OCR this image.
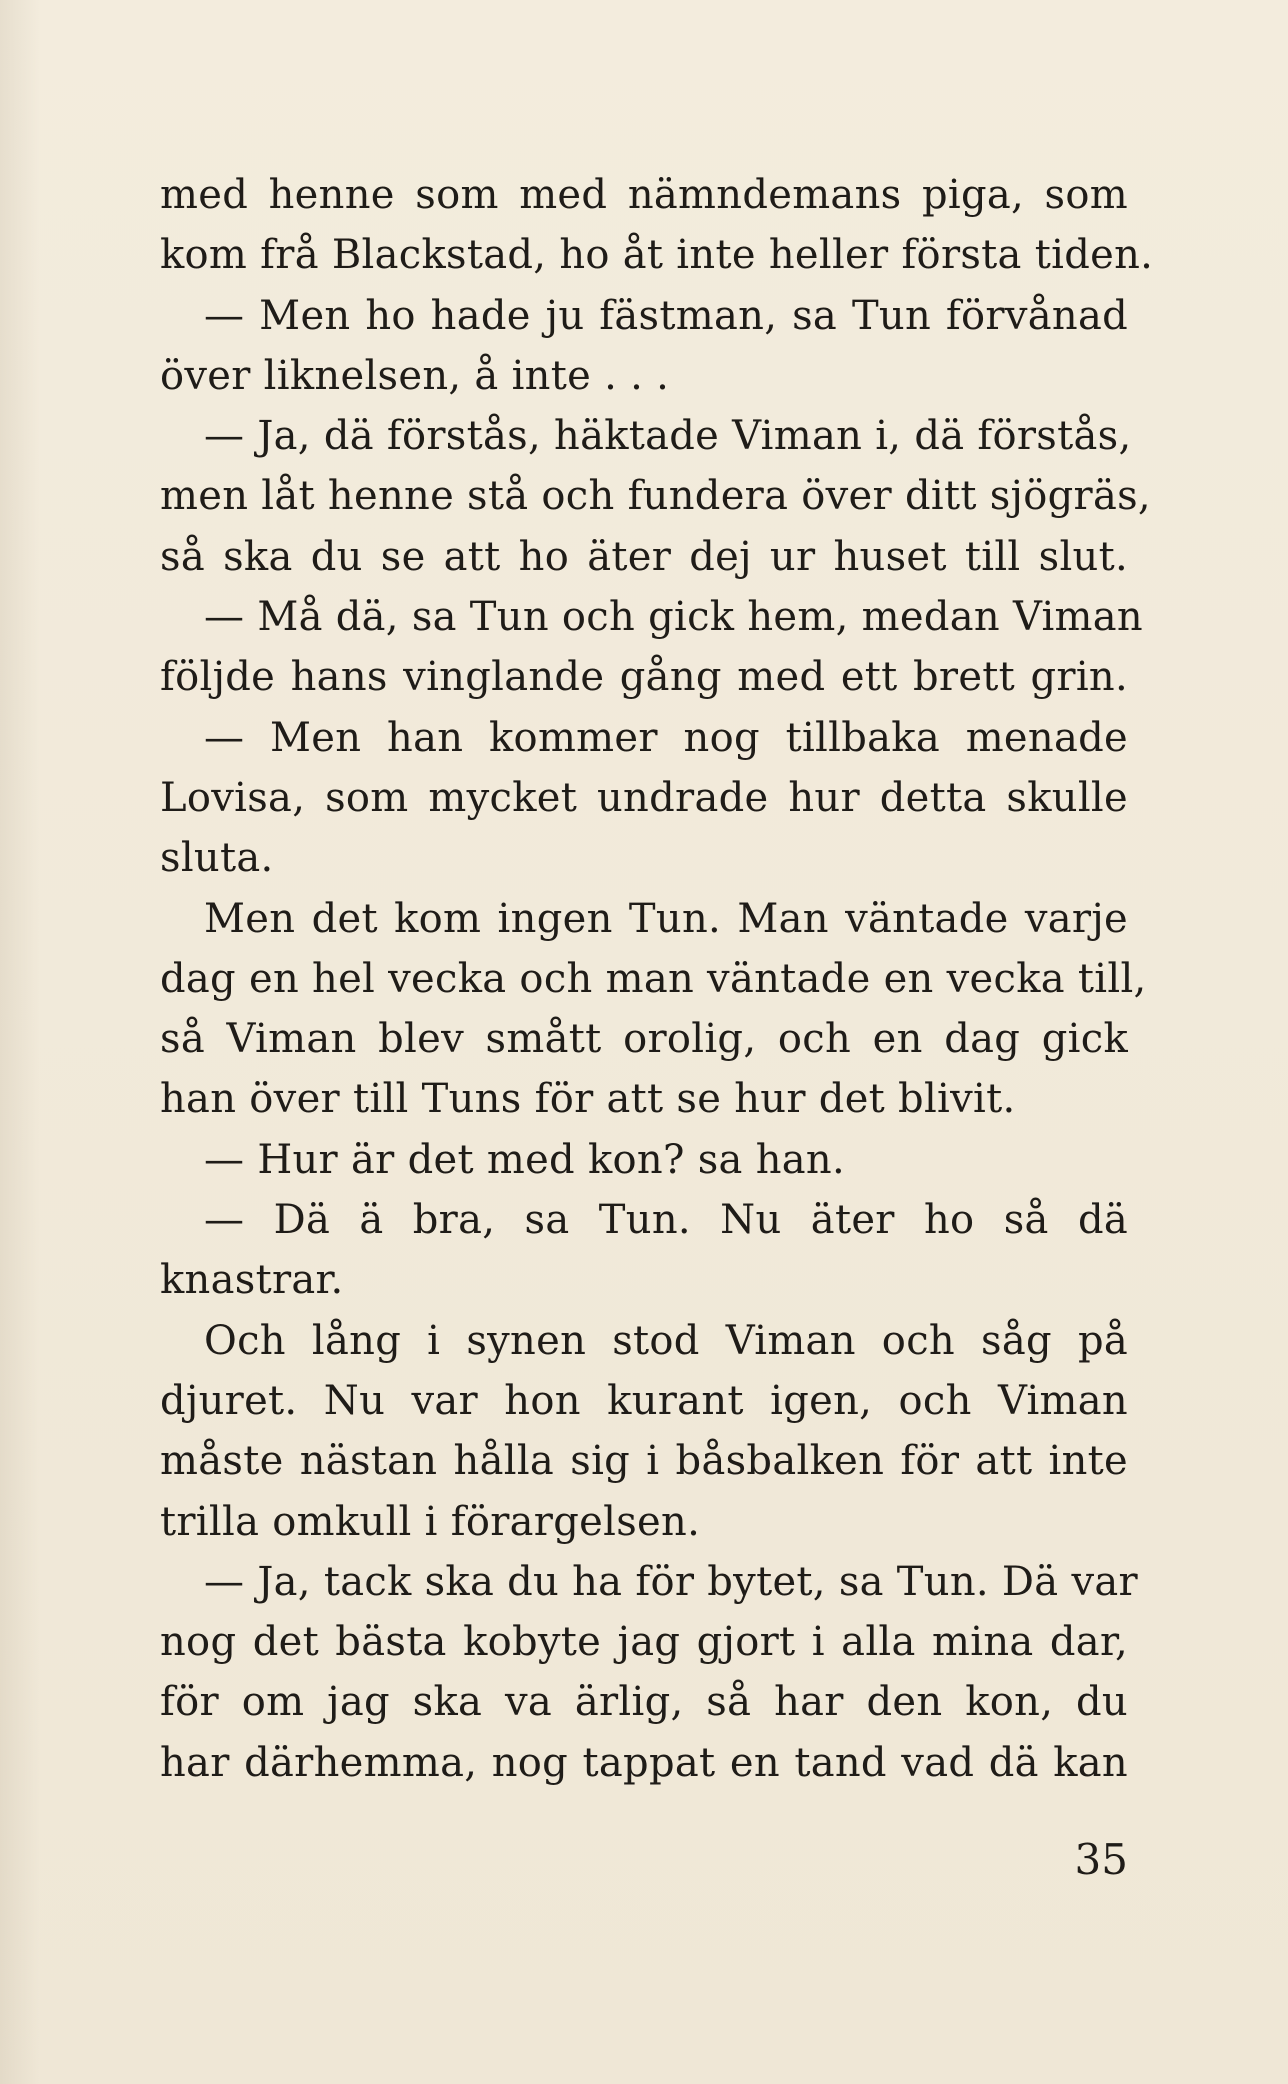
med henne som med nämndemans piga, som
kom frå Blackstad, ho åt inte heller första tiden.
— Men ho hade ju fästman, sa Tun förvånad
över liknelsen, å inte . . .
— Ja, dä förstås, häktade Viman i, dä förstås,
men låt henne stå och fundera över ditt sjögräs,
så ska du se att ho äter dej ur huset till slut.
— Må dä, sa Tun och gick hem, medan Viman
följde hans vinglande gång med ett brett grin.
— Men han kommer nog tillbaka menade
Lovisa, som mycket undrade hur detta skulle
sluta.
Men det kom ingen Tun. Man väntade varje
dag en hel vecka och man väntade en vecka till,
så Viman blev smått orolig, och en dag gick
han över till Tuns för att se hur det blivit.
— Hur är det med kon? sa han.
— Dä ä bra, sa Tun. Nu äter ho så dä
knastrar.
Och lång i synen stod Viman och såg på
djuret. Nu var hon kurant igen, och Viman
måste nästan hålla sig i båsbalken för att inte
trilla omkull i förargelsen.
— Ja, tack ska du ha för bytet, sa Tun. Dä var
nog det bästa kobyte jag gjort i alla mina dar,
för om jag ska va ärlig, så har den kon, du
har därhemma, nog tappat en tand vad dä kan
35
